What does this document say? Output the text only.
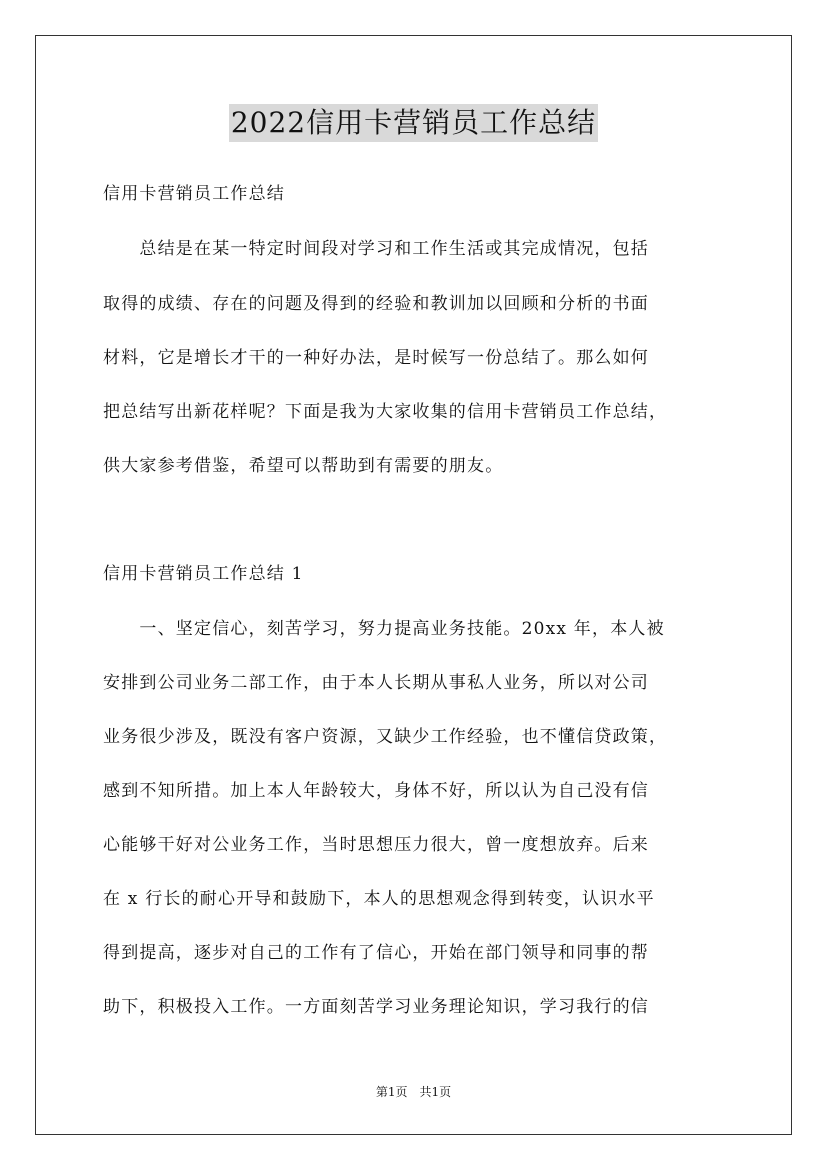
2022信用卡营销员工作总结
信用卡营销员工作总结
　　总结是在某一特定时间段对学习和工作生活或其完成情况，包括
取得的成绩、存在的问题及得到的经验和教训加以回顾和分析的书面
材料，它是增长才干的一种好办法，是时候写一份总结了。那么如何
把总结写出新花样呢？下面是我为大家收集的信用卡营销员工作总结，
供大家参考借鉴，希望可以帮助到有需要的朋友。
信用卡营销员工作总结 1
　　一、坚定信心，刻苦学习，努力提高业务技能。20xx 年，本人被
安排到公司业务二部工作，由于本人长期从事私人业务，所以对公司
业务很少涉及，既没有客户资源，又缺少工作经验，也不懂信贷政策，
感到不知所措。加上本人年龄较大，身体不好，所以认为自己没有信
心能够干好对公业务工作，当时思想压力很大，曾一度想放弃。后来
在 x 行长的耐心开导和鼓励下，本人的思想观念得到转变，认识水平
得到提高，逐步对自己的工作有了信心，开始在部门领导和同事的帮
助下，积极投入工作。一方面刻苦学习业务理论知识，学习我行的信
第1页　共1页
